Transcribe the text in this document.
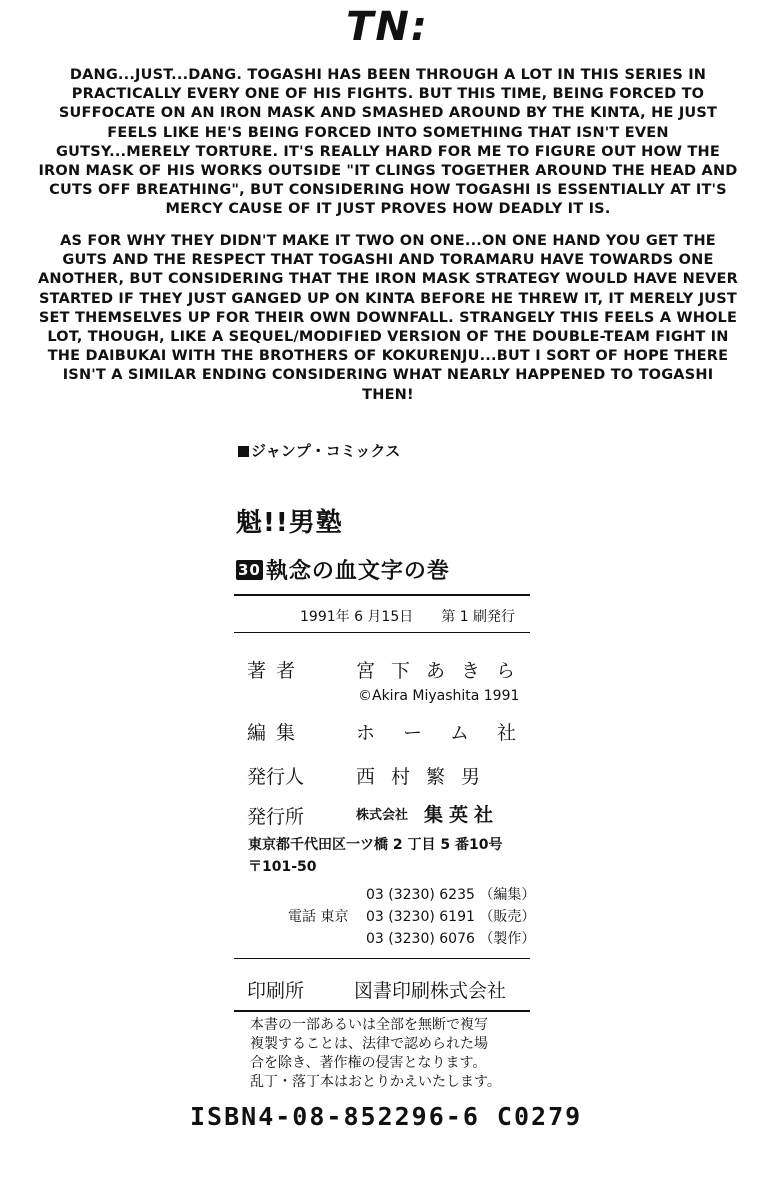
TN:

DANG...JUST...DANG. TOGASHI HAS BEEN THROUGH A LOT IN THIS SERIES IN PRACTICALLY EVERY ONE OF HIS FIGHTS. BUT THIS TIME, BEING FORCED TO SUFFOCATE ON AN IRON MASK AND SMASHED AROUND BY THE KINTA, HE JUST FEELS LIKE HE'S BEING FORCED INTO SOMETHING THAT ISN'T EVEN GUTSY...MERELY TORTURE. IT'S REALLY HARD FOR ME TO FIGURE OUT HOW THE IRON MASK OF HIS WORKS OUTSIDE "IT CLINGS TOGETHER AROUND THE HEAD AND CUTS OFF BREATHING", BUT CONSIDERING HOW TOGASHI IS ESSENTIALLY AT IT'S MERCY CAUSE OF IT JUST PROVES HOW DEADLY IT IS.

AS FOR WHY THEY DIDN'T MAKE IT TWO ON ONE...ON ONE HAND YOU GET THE GUTS AND THE RESPECT THAT TOGASHI AND TORAMARU HAVE TOWARDS ONE ANOTHER, BUT CONSIDERING THAT THE IRON MASK STRATEGY WOULD HAVE NEVER STARTED IF THEY JUST GANGED UP ON KINTA BEFORE HE THREW IT, IT MERELY JUST SET THEMSELVES UP FOR THEIR OWN DOWNFALL. STRANGELY THIS FEELS A WHOLE LOT, THOUGH, LIKE A SEQUEL/MODIFIED VERSION OF THE DOUBLE-TEAM FIGHT IN THE DAIBUKAI WITH THE BROTHERS OF KOKURENJU...BUT I SORT OF HOPE THERE ISN'T A SIMILAR ENDING CONSIDERING WHAT NEARLY HAPPENED TO TOGASHI THEN!

ジャンプ・コミックス
魁!!男塾
30 執念の血文字の巻
1991年 6 月15日　　第 1 刷発行
著者	宮下あきら
©Akira Miyashita 1991
編集	ホーム社
発行人	西村繁男
発行所	株式会社 集英社
東京都千代田区一ツ橋 2 丁目 5 番10号
〒101-50
03 (3230) 6235 （編集）
電話 東京 03 (3230) 6191 （販売）
03 (3230) 6076 （製作）
印刷所	図書印刷株式会社
本書の一部あるいは全部を無断で複写
複製することは、法律で認められた場
合を除き、著作権の侵害となります。
乱丁・落丁本はおとりかえいたします。
ISBN4-08-852296-6 C0279
